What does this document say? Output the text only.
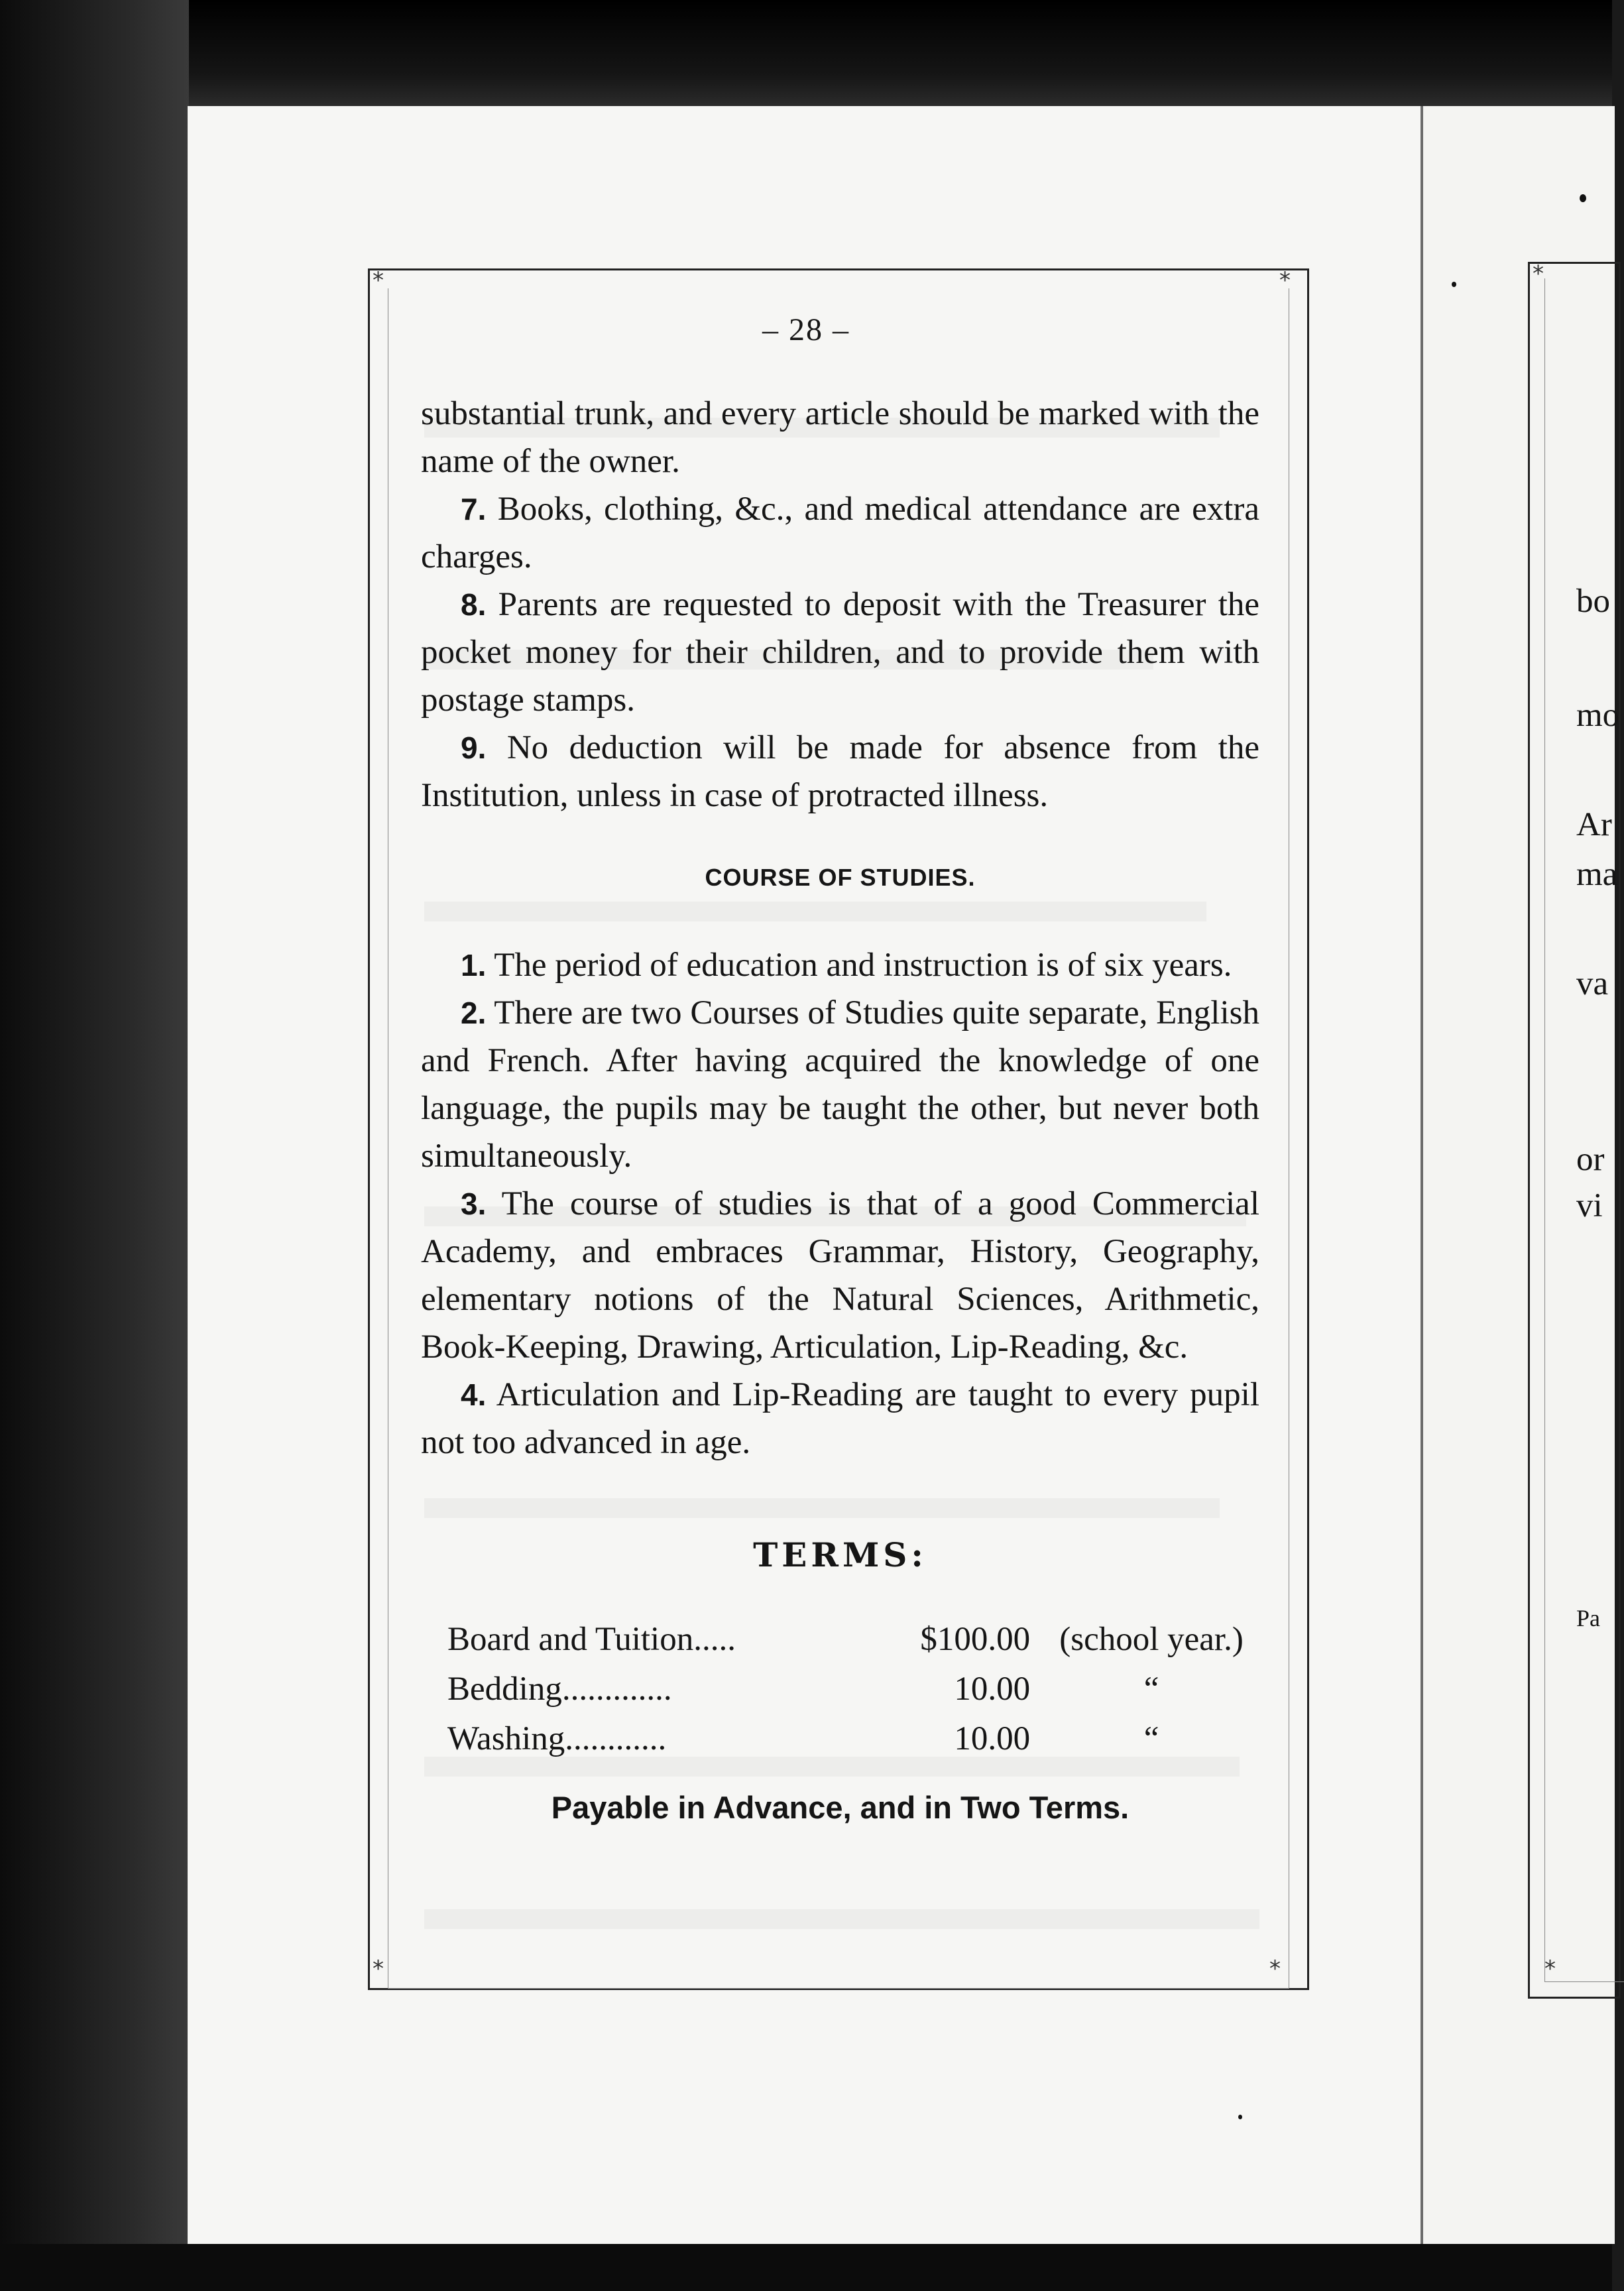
*	*
*	*
– 28 –

substantial trunk, and every article should be marked with the name of the owner.

7. Books, clothing, &c., and medical attendance are extra charges.

8. Parents are requested to deposit with the Treasurer the pocket money for their children, and to provide them with postage stamps.

9. No deduction will be made for absence from the Institution, unless in case of protracted illness.

COURSE OF STUDIES.

1. The period of education and instruction is of six years.

2. There are two Courses of Studies quite separate, English and French. After having acquired the knowledge of one language, the pupils may be taught the other, but never both simultaneously.

3. The course of studies is that of a good Commercial Academy, and embraces Grammar, History, Geography, elementary notions of the Natural Sciences, Arithmetic, Book-Keeping, Drawing, Articulation, Lip-Reading, &c.

4. Articulation and Lip-Reading are taught to every pupil not too advanced in age.

TERMS:
Board and Tuition.....	$100.00 (school year.)
Bedding.............	10.00	“
Washing............	10.00	“
Payable in Advance, and in Two Terms.
*
*
bo
mo
Ar
ma
va
or
vi
Pa
